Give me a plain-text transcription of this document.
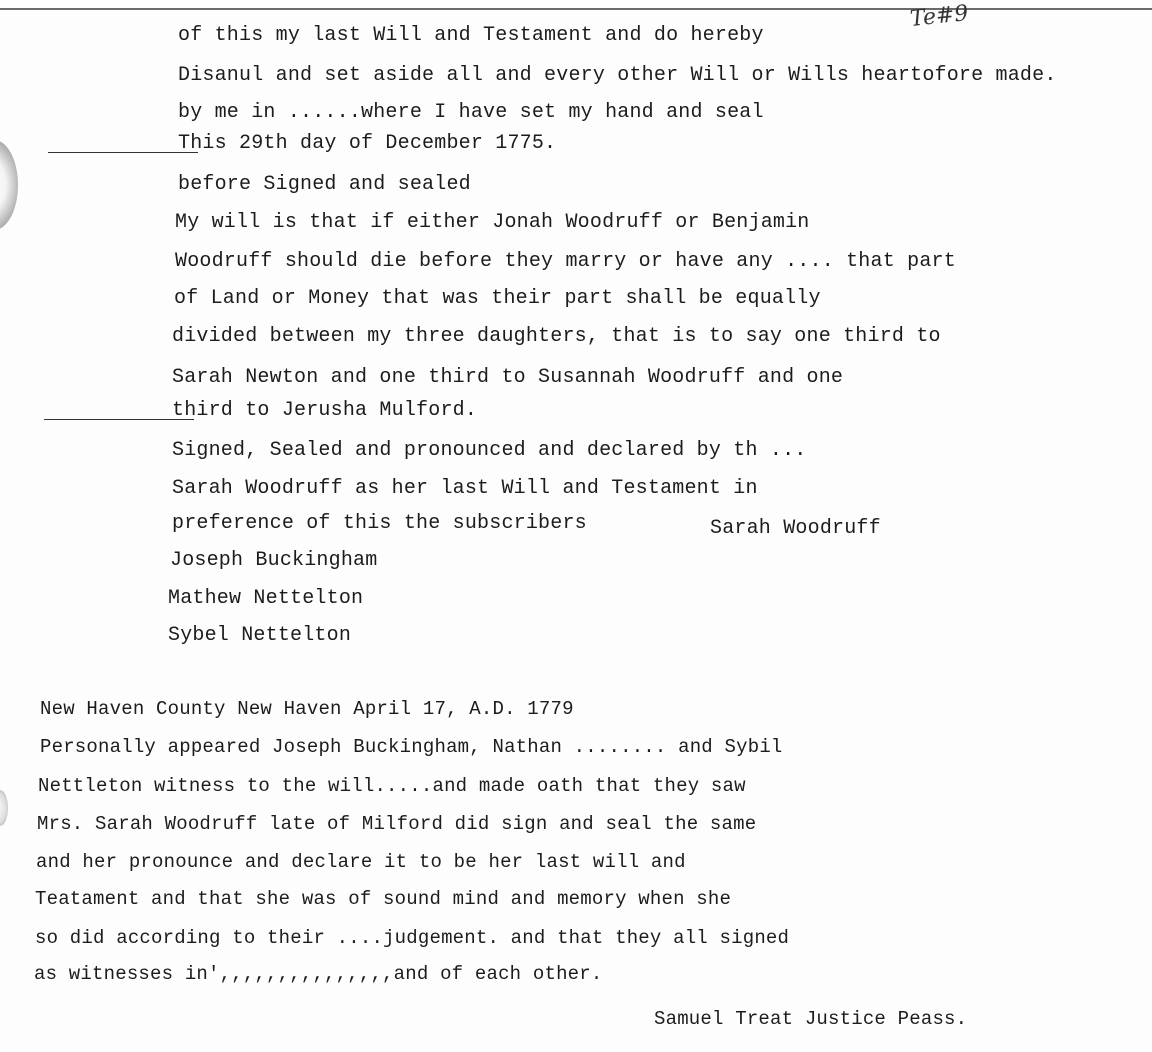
Te#9
of this my last Will and Testament and do hereby
Disanul and set aside all and every other Will or Wills heartofore made.
by me in ......where I have set my hand and seal
This 29th day of December 1775.
before Signed and sealed
My will is that if either Jonah Woodruff or Benjamin
Woodruff should die before they marry or have any .... that part
of Land or Money that was their part shall be equally
divided between my three daughters, that is to say one third to
Sarah Newton and one third to Susannah Woodruff and one
third to Jerusha Mulford.
Signed, Sealed and pronounced and declared by th ...
Sarah Woodruff as her last Will and Testament in
preference of this the subscribers	Sarah Woodruff
Joseph Buckingham
Mathew Nettelton
Sybel Nettelton
New Haven County New Haven April 17, A.D. 1779
Personally appeared Joseph Buckingham, Nathan ........ and Sybil
Nettleton witness to the will.....and made oath that they saw
Mrs. Sarah Woodruff late of Milford did sign and seal the same
and her pronounce and declare it to be her last will and
Teatament and that she was of sound mind and memory when she
so did according to their ....judgement. and that they all signed
as witnesses in',,,,,,,,,,,,,,,and of each other.
Samuel Treat Justice Peass.
